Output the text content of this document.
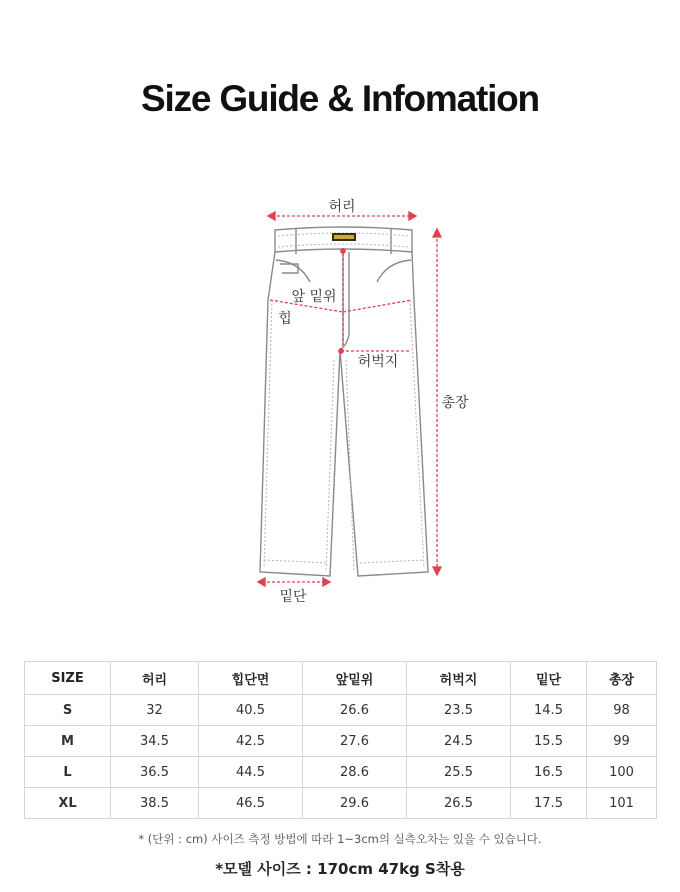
Size Guide & Infomation
허리
앞 밑위
힙
허벅지
총장
밑단
SIZE	허리	힙단면	앞밑위	허벅지	밑단	총장
S	32	40.5	26.6	23.5	14.5	98
M	34.5	42.5	27.6	24.5	15.5	99
L	36.5	44.5	28.6	25.5	16.5	100
XL	38.5	46.5	29.6	26.5	17.5	101
* (단위 : cm) 사이즈 측정 방법에 따라 1~3cm의 실측오차는 있을 수 있습니다.
*모델 사이즈 : 170cm 47kg S착용
